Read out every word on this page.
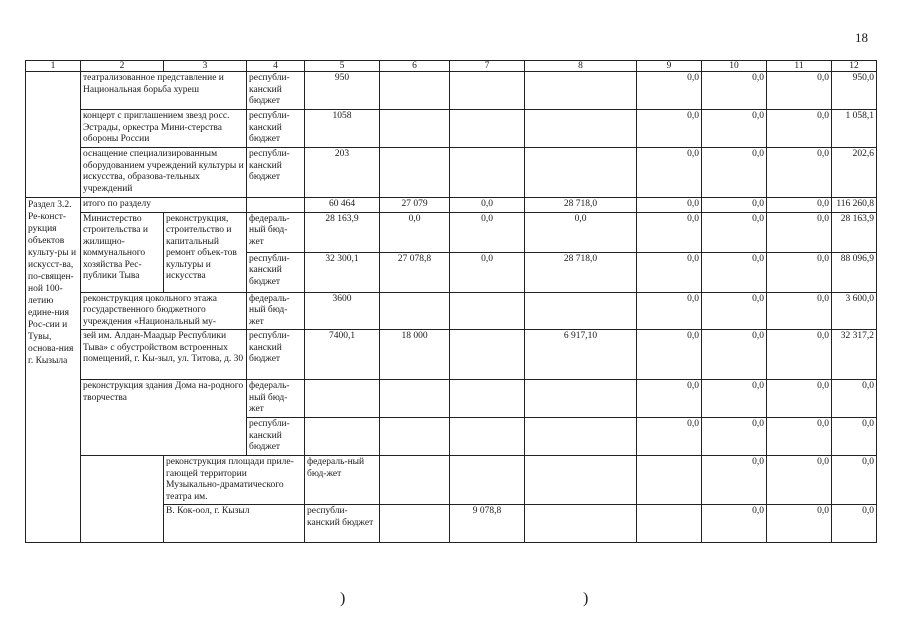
18
1	2	3	4	5	6	7	8	9	10	11	12	
	театрализованное представление и Национальная борьба хуреш		республи-канский бюджет	950				0,0	0,0	0,0	950,0	
	концерт с приглашением звезд росс. Эстрады, оркестра Мини-стерства обороны России		республи-канский бюджет	1058				0,0	0,0	0,0	1 058,1	
	оснащение специализированным оборудованием учреждений культуры и искусства, образова-тельных учреждений		республи-канский бюджет	203				0,0	0,0	0,0	202,6	
Раздел 3.2. Ре-конст-рукция объектов культу-ры и искусст-ва, по-священ-ной 100-летию едине-ния Рос-сии и Тувы, основа-ния г. Кызыла	итого по разделу			60 464	27 079	0,0	28 718,0	0,0	0,0	0,0	116 260,8	
	Министерство строительства и жилищно-коммунального хозяйства Рес-публики Тыва	реконструкция, строительство и капитальный ремонт объек-тов культуры и искусства	федераль-ный бюд-жет	28 163,9	0,0	0,0	0,0	0,0	0,0	0,0	28 163,9	
			республи-канский бюджет	32 300,1	27 078,8	0,0	28 718,0	0,0	0,0	0,0	88 096,9	
	реконструкция цокольного этажа государственного бюджетного учреждения «Национальный му-		федераль-ный бюд-жет	3600				0,0	0,0	0,0	3 600,0	
	зей им. Алдан-Маадыр Республики Тыва» с обустройством встроенных помещений, г. Кы-зыл, ул. Титова, д. 30		республи-канский бюджет	7400,1	18 000		6 917,10	0,0	0,0	0,0	32 317,2	
	реконструкция здания Дома на-родного творчества		федераль-ный бюд-жет					0,0	0,0	0,0	0,0	
			республи-канский бюджет					0,0	0,0	0,0	0,0	
		реконструкция площади приле-гающей территории Музыкально-драматического театра им.		федераль-ный бюд-жет					0,0	0,0	0,0	
		В. Кок-оол, г. Кызыл		республи-канский бюджет		9 078,8			0,0	0,0	0,0	
)	)
